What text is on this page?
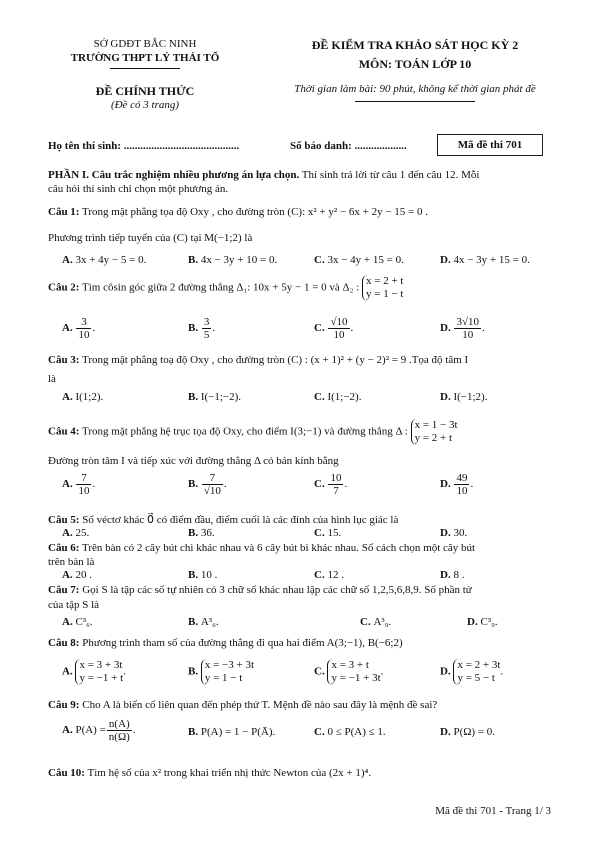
SỞ GDĐT BẮC NINH
TRƯỜNG THPT LÝ THÁI TỔ
ĐỀ CHÍNH THỨC
(Đề có 3 trang)
ĐỀ KIỂM TRA KHẢO SÁT HỌC KỲ 2
MÔN: TOÁN LỚP 10
Thời gian làm bài: 90 phút, không kể thời gian phát đề
Họ tên thí sinh: ..........................................	Số báo danh: ...................	Mã đề thi 701
PHẦN I. Câu trắc nghiệm nhiều phương án lựa chọn. Thí sinh trả lời từ câu 1 đến câu 12. Mỗi
câu hỏi thí sinh chỉ chọn một phương án.
Câu 1: Trong mặt phẳng tọa độ Oxy , cho đường tròn (C): x² + y² − 6x + 2y − 15 = 0 .
Phương trình tiếp tuyến của (C) tại M(−1;2) là
A. 3x + 4y − 5 = 0.	B. 4x − 3y + 10 = 0.	C. 3x − 4y + 15 = 0.	D. 4x − 3y + 15 = 0.
Câu 2: Tìm côsin góc giữa 2 đường thẳng Δ₁: 10x + 5y − 1 = 0 và Δ₂ : x = 2 + t
y = 1 − t
A. $\frac{3}{10}$ .	B. $\frac{3}{5}$ .	C. $\frac{√10}{10}$ .	D. $\frac{3√10}{10}$ .
Câu 3: Trong mặt phẳng toạ độ Oxy , cho đường tròn (C) : (x + 1)² + (y − 2)² = 9 .Tọa độ tâm I
là
A. I(1;2).	B. I(−1;−2).	C. I(1;−2).	D. I(−1;2).
Câu 4: Trong mặt phẳng hệ trục tọa độ Oxy, cho điểm I(3;−1) và đường thẳng Δ : x = 1 − 3t
y = 2 + t
Đường tròn tâm I và tiếp xúc với đường thẳng Δ có bán kính bằng
A. $\frac{7}{10}$ .	B. $\frac{7}{√10}$ .	C. $\frac{10}{7}$ .	D. $\frac{49}{10}$ .
Câu 5: Số véctơ khác 0⃗ có điểm đầu, điểm cuối là các đỉnh của hình lục giác là
A. 25.	B. 36.	C. 15.	D. 30.
Câu 6: Trên bàn có 2 cây bút chì khác nhau và 6 cây bút bi khác nhau. Số cách chọn một cây bút
trên bàn là
A. 20 .	B. 10 .	C. 12 .	D. 8 .
Câu 7: Gọi S là tập các số tự nhiên có 3 chữ số khác nhau lập các chữ số 1,2,5,6,8,9. Số phần tử
của tập S là
A. C³₆.	B. A³₆.	C. A³₉.	D. C³₉.
Câu 8: Phương trình tham số của đường thẳng đi qua hai điểm A(3;−1), B(−6;2)
A. x = 3 + 3t
y = −1 + t.	B. x = −3 + 3t
y = 1 − t
C. x = 3 + t
y = −1 + 3t.	D. x = 2 + 3t
y = 5 − t.
Câu 9: Cho A là biến cố liên quan đến phép thử T. Mệnh đề nào sau đây là mệnh đề sai?
A. $P(A) = \frac{n(A)}{n(\Omega)}$ .	B. P(A) = 1 − P(Ā).	C. 0 ≤ P(A) ≤ 1.	D. P(Ω) = 0.
Câu 10: Tìm hệ số của x² trong khai triển nhị thức Newton của (2x + 1)⁴.
Mã đề thi 701 - Trang 1/ 3
